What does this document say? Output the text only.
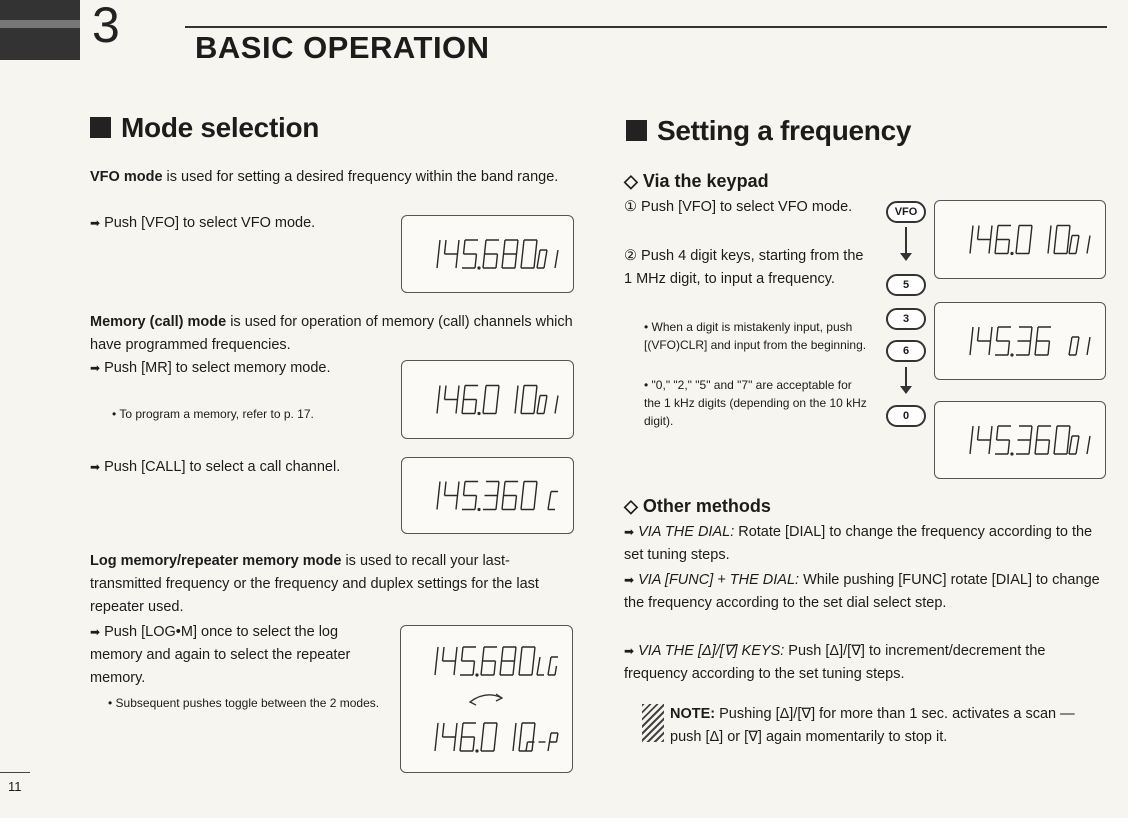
3 BASIC OPERATION
Mode selection
VFO mode is used for setting a desired frequency within the band range.
➡ Push [VFO] to select VFO mode.
Memory (call) mode is used for operation of memory (call) channels which have programmed frequencies.
➡ Push [MR] to select memory mode.
• To program a memory, refer to p. 17.
➡ Push [CALL] to select a call channel.
Log memory/repeater memory mode is used to recall your last-transmitted frequency or the frequency and duplex settings for the last repeater used.
➡ Push [LOG•M] once to select the log memory and again to select the repeater memory.
• Subsequent pushes toggle between the 2 modes.
Setting a frequency
◇ Via the keypad
① Push [VFO] to select VFO mode.
② Push 4 digit keys, starting from the 1 MHz digit, to input a frequency.
• When a digit is mistakenly input, push [(VFO)CLR] and input from the beginning.
• "0," "2," "5" and "7" are acceptable for the 1 kHz digits (depending on the 10 kHz digit).
VFO
5
3
6
0
◇ Other methods
➡ VIA THE DIAL: Rotate [DIAL] to change the frequency according to the set tuning steps.
➡ VIA [FUNC] + THE DIAL: While pushing [FUNC] rotate [DIAL] to change the frequency according to the set dial select step.
➡ VIA THE [Δ]/[∇] KEYS: Push [Δ]/[∇] to increment/decrement the frequency according to the set tuning steps.
NOTE: Pushing [Δ]/[∇] for more than 1 sec. activates a scan — push [Δ] or [∇] again momentarily to stop it.
11
